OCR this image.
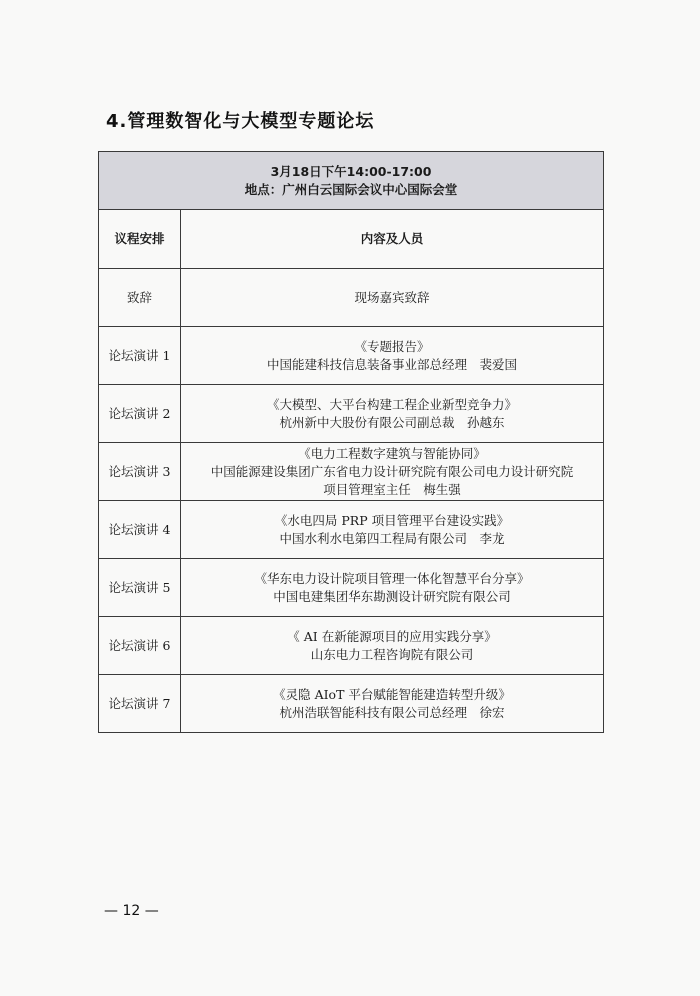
4.管理数智化与大模型专题论坛
3月18日下午14:00-17:00
地点：广州白云国际会议中心国际会堂	

议程安排	内容及人员
致辞	现场嘉宾致辞

论坛演讲 1	《专题报告》
中国能建科技信息装备事业部总经理　裴爱国

论坛演讲 2	《大模型、大平台构建工程企业新型竞争力》
杭州新中大股份有限公司副总裁　孙越东

论坛演讲 3	《电力工程数字建筑与智能协同》
中国能源建设集团广东省电力设计研究院有限公司电力设计研究院
项目管理室主任　梅生强

论坛演讲 4	《水电四局 PRP 项目管理平台建设实践》
中国水利水电第四工程局有限公司　李龙

论坛演讲 5	《华东电力设计院项目管理一体化智慧平台分享》
中国电建集团华东勘测设计研究院有限公司

论坛演讲 6	《 AI 在新能源项目的应用实践分享》
山东电力工程咨询院有限公司

论坛演讲 7	《灵隐 AIoT 平台赋能智能建造转型升级》
杭州浩联智能科技有限公司总经理　徐宏
— 12 —
